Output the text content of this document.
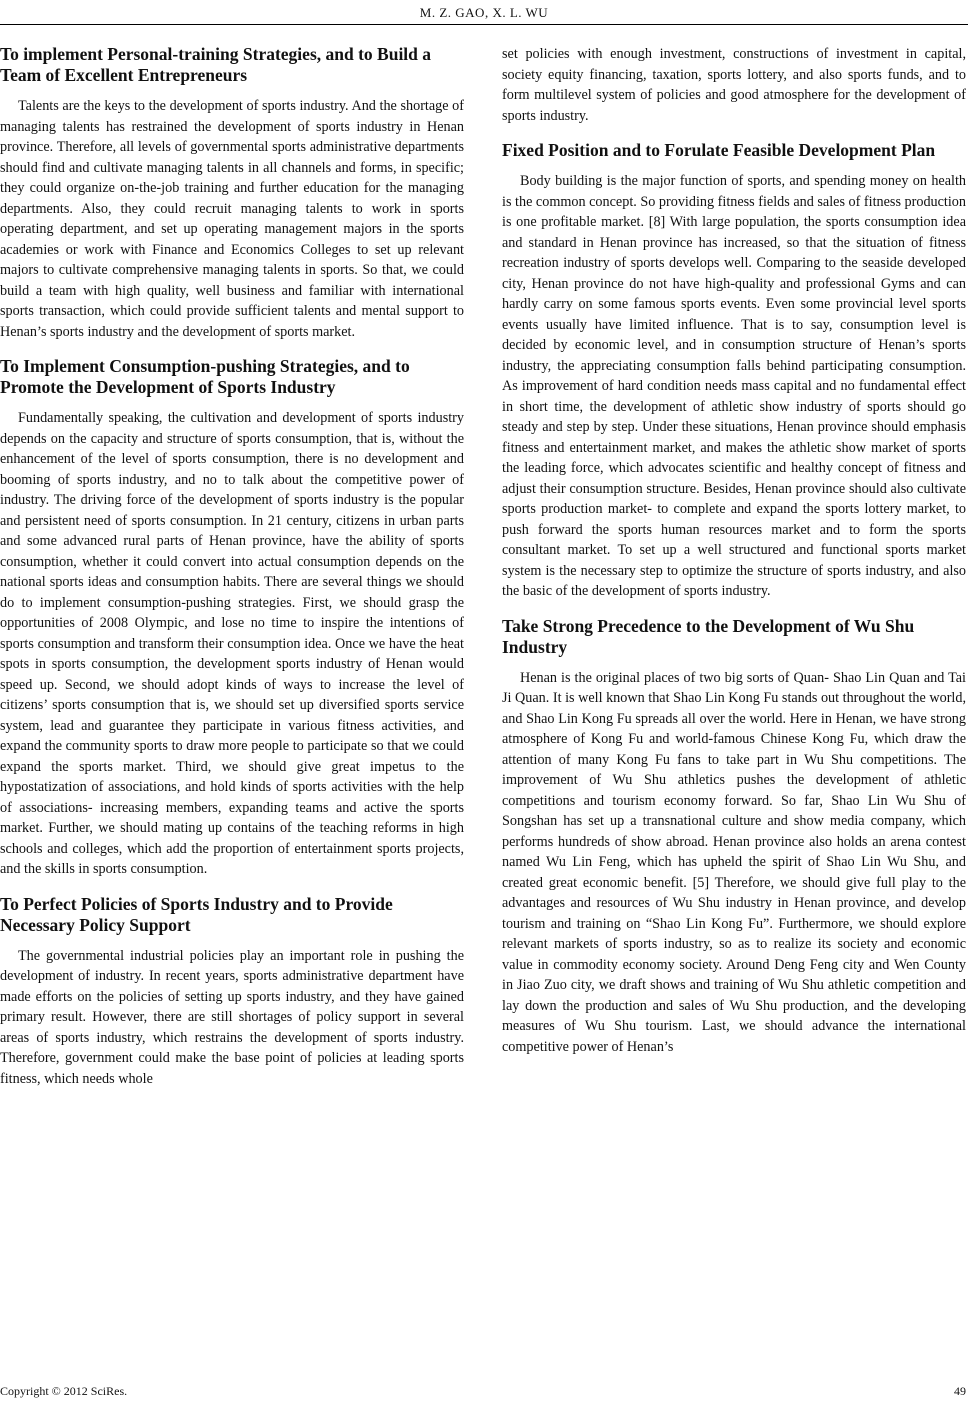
M. Z. GAO, X. L. WU
To implement Personal-training Strategies, and to Build a Team of Excellent Entrepreneurs

Talents are the keys to the development of sports industry. And the shortage of managing talents has restrained the development of sports industry in Henan province. Therefore, all levels of governmental sports administrative departments should find and cultivate managing talents in all channels and forms, in specific; they could organize on-the-job training and further education for the managing departments. Also, they could recruit managing talents to work in sports operating department, and set up operating management majors in the sports academies or work with Finance and Economics Colleges to set up relevant majors to cultivate comprehensive managing talents in sports. So that, we could build a team with high quality, well business and familiar with international sports transaction, which could provide sufficient talents and mental support to Henan’s sports industry and the development of sports market.

To Implement Consumption-pushing Strategies, and to Promote the Development of Sports Industry

Fundamentally speaking, the cultivation and development of sports industry depends on the capacity and structure of sports consumption, that is, without the enhancement of the level of sports consumption, there is no development and booming of sports industry, and no to talk about the competitive power of industry. The driving force of the development of sports industry is the popular and persistent need of sports consumption. In 21 century, citizens in urban parts and some advanced rural parts of Henan province, have the ability of sports consumption, whether it could convert into actual consumption depends on the national sports ideas and consumption habits. There are several things we should do to implement consumption-pushing strategies. First, we should grasp the opportunities of 2008 Olympic, and lose no time to inspire the intentions of sports consumption and transform their consumption idea. Once we have the heat spots in sports consumption, the development sports industry of Henan would speed up. Second, we should adopt kinds of ways to increase the level of citizens’ sports consumption that is, we should set up diversified sports service system, lead and guarantee they participate in various fitness activities, and expand the community sports to draw more people to participate so that we could expand the sports market. Third, we should give great impetus to the hypostatization of associations, and hold kinds of sports activities with the help of associations- increasing members, expanding teams and active the sports market. Further, we should mating up contains of the teaching reforms in high schools and colleges, which add the proportion of entertainment sports projects, and the skills in sports consumption.

To Perfect Policies of Sports Industry and to Provide Necessary Policy Support

The governmental industrial policies play an important role in pushing the development of industry. In recent years, sports administrative department have made efforts on the policies of setting up sports industry, and they have gained primary result. However, there are still shortages of policy support in several areas of sports industry, which restrains the development of sports industry. Therefore, government could make the base point of policies at leading sports fitness, which needs whole

set policies with enough investment, constructions of investment in capital, society equity financing, taxation, sports lottery, and also sports funds, and to form multilevel system of policies and good atmosphere for the development of sports industry.

Fixed Position and to Forulate Feasible Development Plan

Body building is the major function of sports, and spending money on health is the common concept. So providing fitness fields and sales of fitness production is one profitable market. [8] With large population, the sports consumption idea and standard in Henan province has increased, so that the situation of fitness recreation industry of sports develops well. Comparing to the seaside developed city, Henan province do not have high-quality and professional Gyms and can hardly carry on some famous sports events. Even some provincial level sports events usually have limited influence. That is to say, consumption level is decided by economic level, and in consumption structure of Henan’s sports industry, the appreciating consumption falls behind participating consumption. As improvement of hard condition needs mass capital and no fundamental effect in short time, the development of athletic show industry of sports should go steady and step by step. Under these situations, Henan province should emphasis fitness and entertainment market, and makes the athletic show market of sports the leading force, which advocates scientific and healthy concept of fitness and adjust their consumption structure. Besides, Henan province should also cultivate sports production market- to complete and expand the sports lottery market, to push forward the sports human resources market and to form the sports consultant market. To set up a well structured and functional sports market system is the necessary step to optimize the structure of sports industry, and also the basic of the development of sports industry.

Take Strong Precedence to the Development of Wu Shu Industry

Henan is the original places of two big sorts of Quan- Shao Lin Quan and Tai Ji Quan. It is well known that Shao Lin Kong Fu stands out throughout the world, and Shao Lin Kong Fu spreads all over the world. Here in Henan, we have strong atmosphere of Kong Fu and world-famous Chinese Kong Fu, which draw the attention of many Kong Fu fans to take part in Wu Shu competitions. The improvement of Wu Shu athletics pushes the development of athletic competitions and tourism economy forward. So far, Shao Lin Wu Shu of Songshan has set up a transnational culture and show media company, which performs hundreds of show abroad. Henan province also holds an arena contest named Wu Lin Feng, which has upheld the spirit of Shao Lin Wu Shu, and created great economic benefit. [5] Therefore, we should give full play to the advantages and resources of Wu Shu industry in Henan province, and develop tourism and training on “Shao Lin Kong Fu”. Furthermore, we should explore relevant markets of sports industry, so as to realize its society and economic value in commodity economy society. Around Deng Feng city and Wen County in Jiao Zuo city, we draft shows and training of Wu Shu athletic competition and lay down the production and sales of Wu Shu production, and the developing measures of Wu Shu tourism. Last, we should advance the international competitive power of Henan’s

Copyright © 2012 SciRes.	49
